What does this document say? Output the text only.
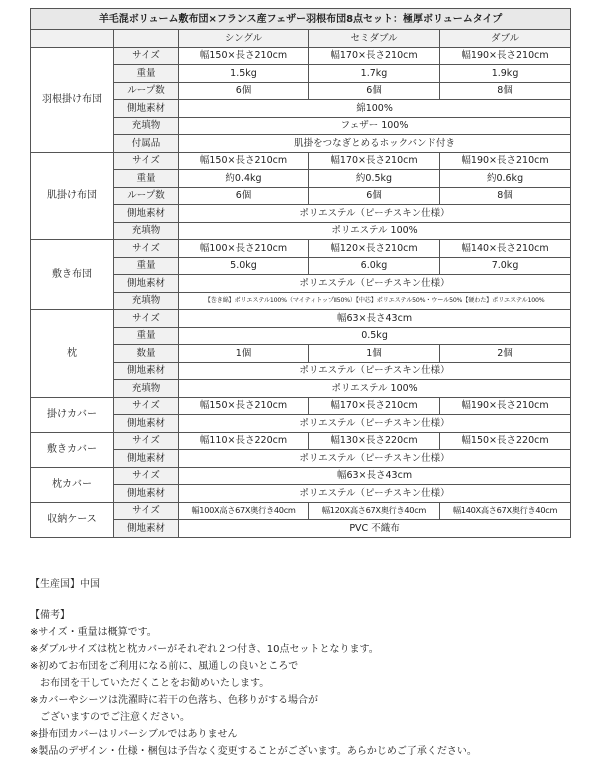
羊毛混ボリューム敷布団×フランス産フェザー羽根布団8点セット：極厚ボリュームタイプ				
		シングル	セミダブル	ダブル
羽根掛け布団	サイズ	幅150×長さ210cm	幅170×長さ210cm	幅190×長さ210cm
	重量	1.5kg	1.7kg	1.9kg
	ループ数	6個	6個	8個
	側地素材	綿100%		
	充填物	フェザー 100%		
	付属品	肌掛をつなぎとめるホックバンド付き		
肌掛け布団	サイズ	幅150×長さ210cm	幅170×長さ210cm	幅190×長さ210cm
	重量	約0.4kg	約0.5kg	約0.6kg
	ループ数	6個	6個	8個
	側地素材	ポリエステル（ピーチスキン仕様）		
	充填物	ポリエステル 100%		
敷き布団	サイズ	幅100×長さ210cm	幅120×長さ210cm	幅140×長さ210cm
	重量	5.0kg	6.0kg	7.0kg
	側地素材	ポリエステル（ピーチスキン仕様）		
	充填物	【巻き綿】ポリエステル100%（マイティトップⅡ50%）【中芯】ポリエステル50%・ウール50%【硬わた】ポリエステル100%		
枕	サイズ	幅63×長さ43cm		
	重量	0.5kg		
	数量	1個	1個	2個
	側地素材	ポリエステル（ピーチスキン仕様）		
	充填物	ポリエステル 100%		
掛けカバー	サイズ	幅150×長さ210cm	幅170×長さ210cm	幅190×長さ210cm
	側地素材	ポリエステル（ピーチスキン仕様）		
敷きカバー	サイズ	幅110×長さ220cm	幅130×長さ220cm	幅150×長さ220cm
	側地素材	ポリエステル（ピーチスキン仕様）		
枕カバー	サイズ	幅63×長さ43cm		
	側地素材	ポリエステル（ピーチスキン仕様）		
収納ケース	サイズ	幅100X高さ67X奥行き40cm	幅120X高さ67X奥行き40cm	幅140X高さ67X奥行き40cm
	側地素材	PVC 不織布		
【生産国】中国
【備考】
※サイズ・重量は概算です。
※ダブルサイズは枕と枕カバーがそれぞれ２つ付き、10点セットとなります。
※初めてお布団をご利用になる前に、風通しの良いところで
　お布団を干していただくことをお勧めいたします。
※カバーやシーツは洗濯時に若干の色落ち、色移りがする場合が
　ございますのでご注意ください。
※掛布団カバーはリバーシブルではありません
※製品のデザイン・仕様・梱包は予告なく変更することがございます。あらかじめご了承ください。
